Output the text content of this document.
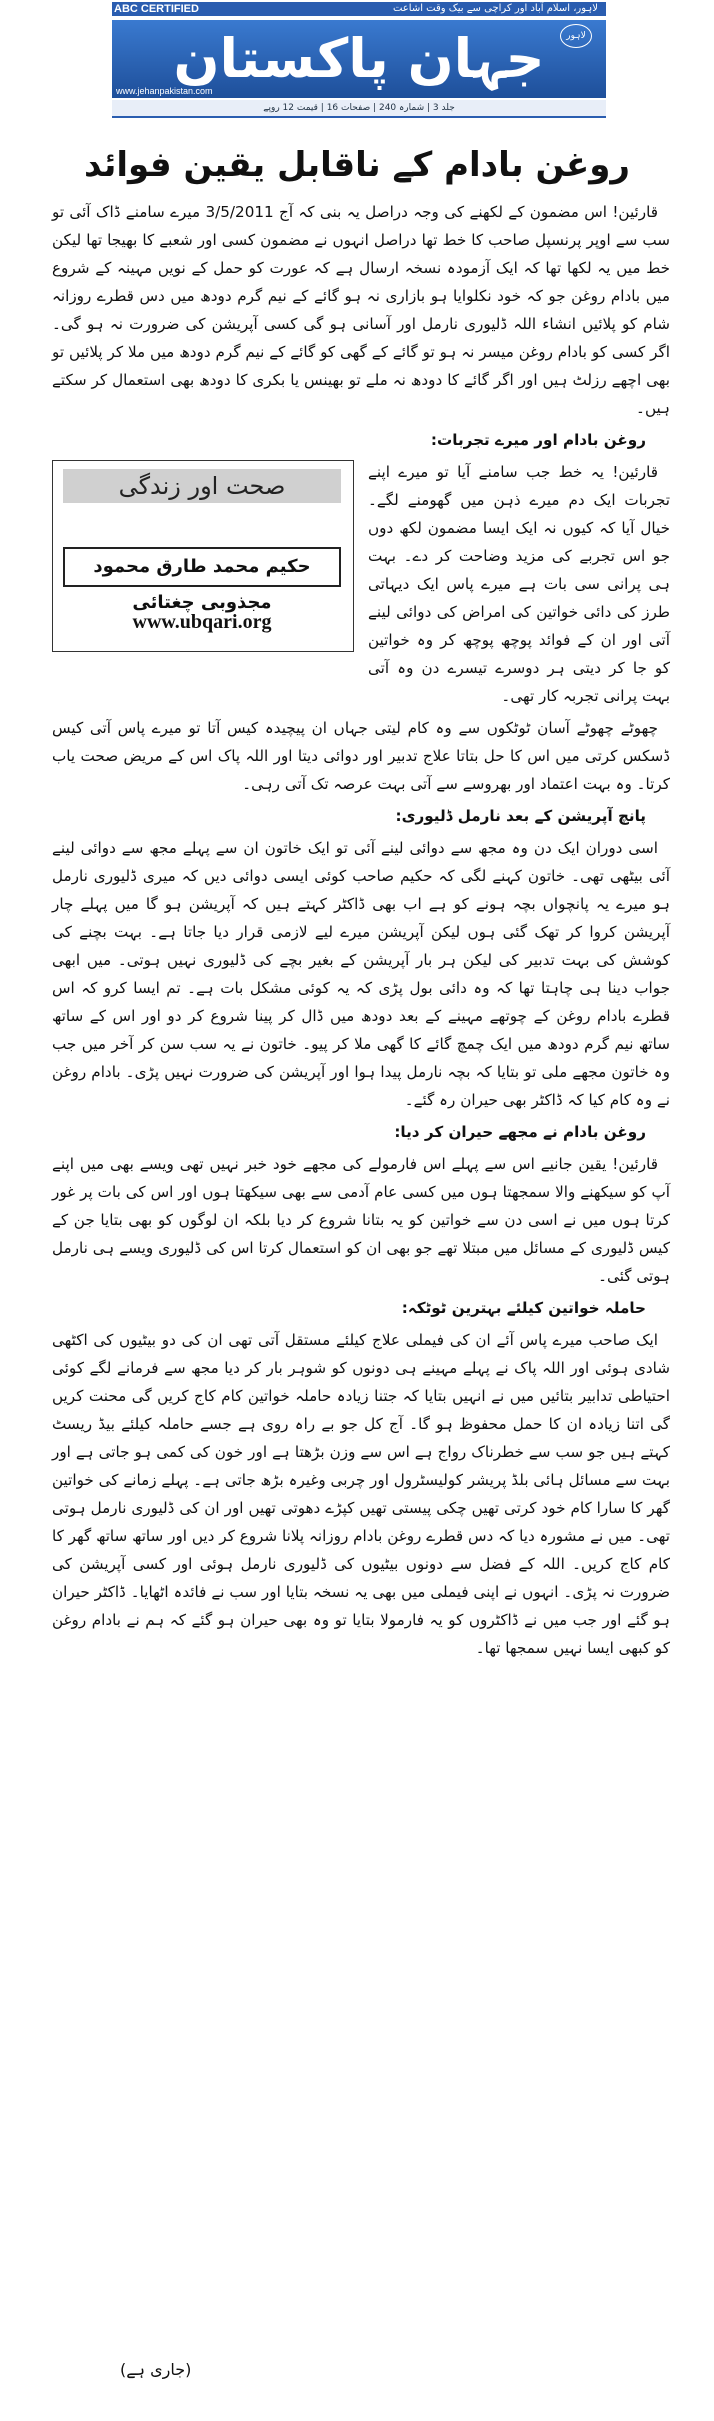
لاہور، اسلام آباد اور کراچی سے بیک وقت اشاعت
ABC CERTIFIED
جہان پاکستان	لاہور
www.jehanpakistan.com
جلد 3 | شمارہ 240 | صفحات 16 | قیمت 12 روپے
روغن بادام کے ناقابل یقین فوائد

قارئین! اس مضمون کے لکھنے کی وجہ دراصل یہ بنی کہ آج 3/5/2011 میرے سامنے ڈاک آئی تو سب سے اوپر پرنسپل صاحب کا خط تھا دراصل انہوں نے مضمون کسی اور شعبے کا بھیجا تھا لیکن خط میں یہ لکھا تھا کہ ایک آزمودہ نسخہ ارسال ہے کہ عورت کو حمل کے نویں مہینہ کے شروع میں بادام روغن جو کہ خود نکلوایا ہو بازاری نہ ہو گائے کے نیم گرم دودھ میں دس قطرے روزانہ شام کو پلائیں انشاء اللہ ڈلیوری نارمل اور آسانی ہو گی کسی آپریشن کی ضرورت نہ ہو گی۔ اگر کسی کو بادام روغن میسر نہ ہو تو گائے کے گھی کو گائے کے نیم گرم دودھ میں ملا کر پلائیں تو بھی اچھے رزلٹ ہیں اور اگر گائے کا دودھ نہ ملے تو بھینس یا بکری کا دودھ بھی استعمال کر سکتے ہیں۔

روغن بادام اور میرے تجربات:
صحت اور زندگی
حکیم محمد طارق محمود مجذوبی چغتائی
www.ubqari.org

قارئین! یہ خط جب سامنے آیا تو میرے اپنے تجربات ایک دم میرے ذہن میں گھومنے لگے۔ خیال آیا کہ کیوں نہ ایک ایسا مضمون لکھ دوں جو اس تجربے کی مزید وضاحت کر دے۔ بہت ہی پرانی سی بات ہے میرے پاس ایک دیہاتی طرز کی دائی خواتین کی امراض کی دوائی لینے آتی اور ان کے فوائد پوچھ پوچھ کر وہ خواتین کو جا کر دیتی ہر دوسرے تیسرے دن وہ آتی بہت پرانی تجربہ کار تھی۔

چھوٹے چھوٹے آسان ٹوٹکوں سے وہ کام لیتی جہاں ان پیچیدہ کیس آتا تو میرے پاس آتی کیس ڈسکس کرتی میں اس کا حل بتاتا علاج تدبیر اور دوائی دیتا اور اللہ پاک اس کے مریض صحت یاب کرتا۔ وہ بہت اعتماد اور بھروسے سے آتی بہت عرصہ تک آتی رہی۔

پانچ آپریشن کے بعد نارمل ڈلیوری:

اسی دوران ایک دن وہ مجھ سے دوائی لینے آئی تو ایک خاتون ان سے پہلے مجھ سے دوائی لینے آئی بیٹھی تھی۔ خاتون کہنے لگی کہ حکیم صاحب کوئی ایسی دوائی دیں کہ میری ڈلیوری نارمل ہو میرے یہ پانچواں بچہ ہونے کو ہے اب بھی ڈاکٹر کہتے ہیں کہ آپریشن ہو گا میں پہلے چار آپریشن کروا کر تھک گئی ہوں لیکن آپریشن میرے لیے لازمی قرار دیا جاتا ہے۔ بہت بچنے کی کوشش کی بہت تدبیر کی لیکن ہر بار آپریشن کے بغیر بچے کی ڈلیوری نہیں ہوتی۔ میں ابھی جواب دینا ہی چاہتا تھا کہ وہ دائی بول پڑی کہ یہ کوئی مشکل بات ہے۔ تم ایسا کرو کہ اس قطرے بادام روغن کے چوتھے مہینے کے بعد دودھ میں ڈال کر پینا شروع کر دو اور اس کے ساتھ ساتھ نیم گرم دودھ میں ایک چمچ گائے کا گھی ملا کر پیو۔ خاتون نے یہ سب سن کر آخر میں جب وہ خاتون مجھے ملی تو بتایا کہ بچہ نارمل پیدا ہوا اور آپریشن کی ضرورت نہیں پڑی۔ بادام روغن نے وہ کام کیا کہ ڈاکٹر بھی حیران رہ گئے۔

روغن بادام نے مجھے حیران کر دیا:

قارئین! یقین جانیے اس سے پہلے اس فارمولے کی مجھے خود خبر نہیں تھی ویسے بھی میں اپنے آپ کو سیکھنے والا سمجھتا ہوں میں کسی عام آدمی سے بھی سیکھتا ہوں اور اس کی بات پر غور کرتا ہوں میں نے اسی دن سے خواتین کو یہ بتانا شروع کر دیا بلکہ ان لوگوں کو بھی بتایا جن کے کیس ڈلیوری کے مسائل میں مبتلا تھے جو بھی ان کو استعمال کرتا اس کی ڈلیوری ویسے ہی نارمل ہوتی گئی۔

حاملہ خواتین کیلئے بہترین ٹوٹکہ:

ایک صاحب میرے پاس آئے ان کی فیملی علاج کیلئے مستقل آتی تھی ان کی دو بیٹیوں کی اکٹھی شادی ہوئی اور اللہ پاک نے پہلے مہینے ہی دونوں کو شوہر بار کر دیا مجھ سے فرمانے لگے کوئی احتیاطی تدابیر بتائیں میں نے انہیں بتایا کہ جتنا زیادہ حاملہ خواتین کام کاج کریں گی محنت کریں گی اتنا زیادہ ان کا حمل محفوظ ہو گا۔ آج کل جو بے راہ روی ہے جسے حاملہ کیلئے بیڈ ریسٹ کہتے ہیں جو سب سے خطرناک رواج ہے اس سے وزن بڑھتا ہے اور خون کی کمی ہو جاتی ہے اور بہت سے مسائل ہائی بلڈ پریشر کولیسٹرول اور چربی وغیرہ بڑھ جاتی ہے۔ پہلے زمانے کی خواتین گھر کا سارا کام خود کرتی تھیں چکی پیستی تھیں کپڑے دھوتی تھیں اور ان کی ڈلیوری نارمل ہوتی تھی۔ میں نے مشورہ دیا کہ دس قطرے روغن بادام روزانہ پلانا شروع کر دیں اور ساتھ ساتھ گھر کا کام کاج کریں۔ اللہ کے فضل سے دونوں بیٹیوں کی ڈلیوری نارمل ہوئی اور کسی آپریشن کی ضرورت نہ پڑی۔ انہوں نے اپنی فیملی میں بھی یہ نسخہ بتایا اور سب نے فائدہ اٹھایا۔ ڈاکٹر حیران ہو گئے اور جب میں نے ڈاکٹروں کو یہ فارمولا بتایا تو وہ بھی حیران ہو گئے کہ ہم نے بادام روغن کو کبھی ایسا نہیں سمجھا تھا۔

(جاری ہے)
